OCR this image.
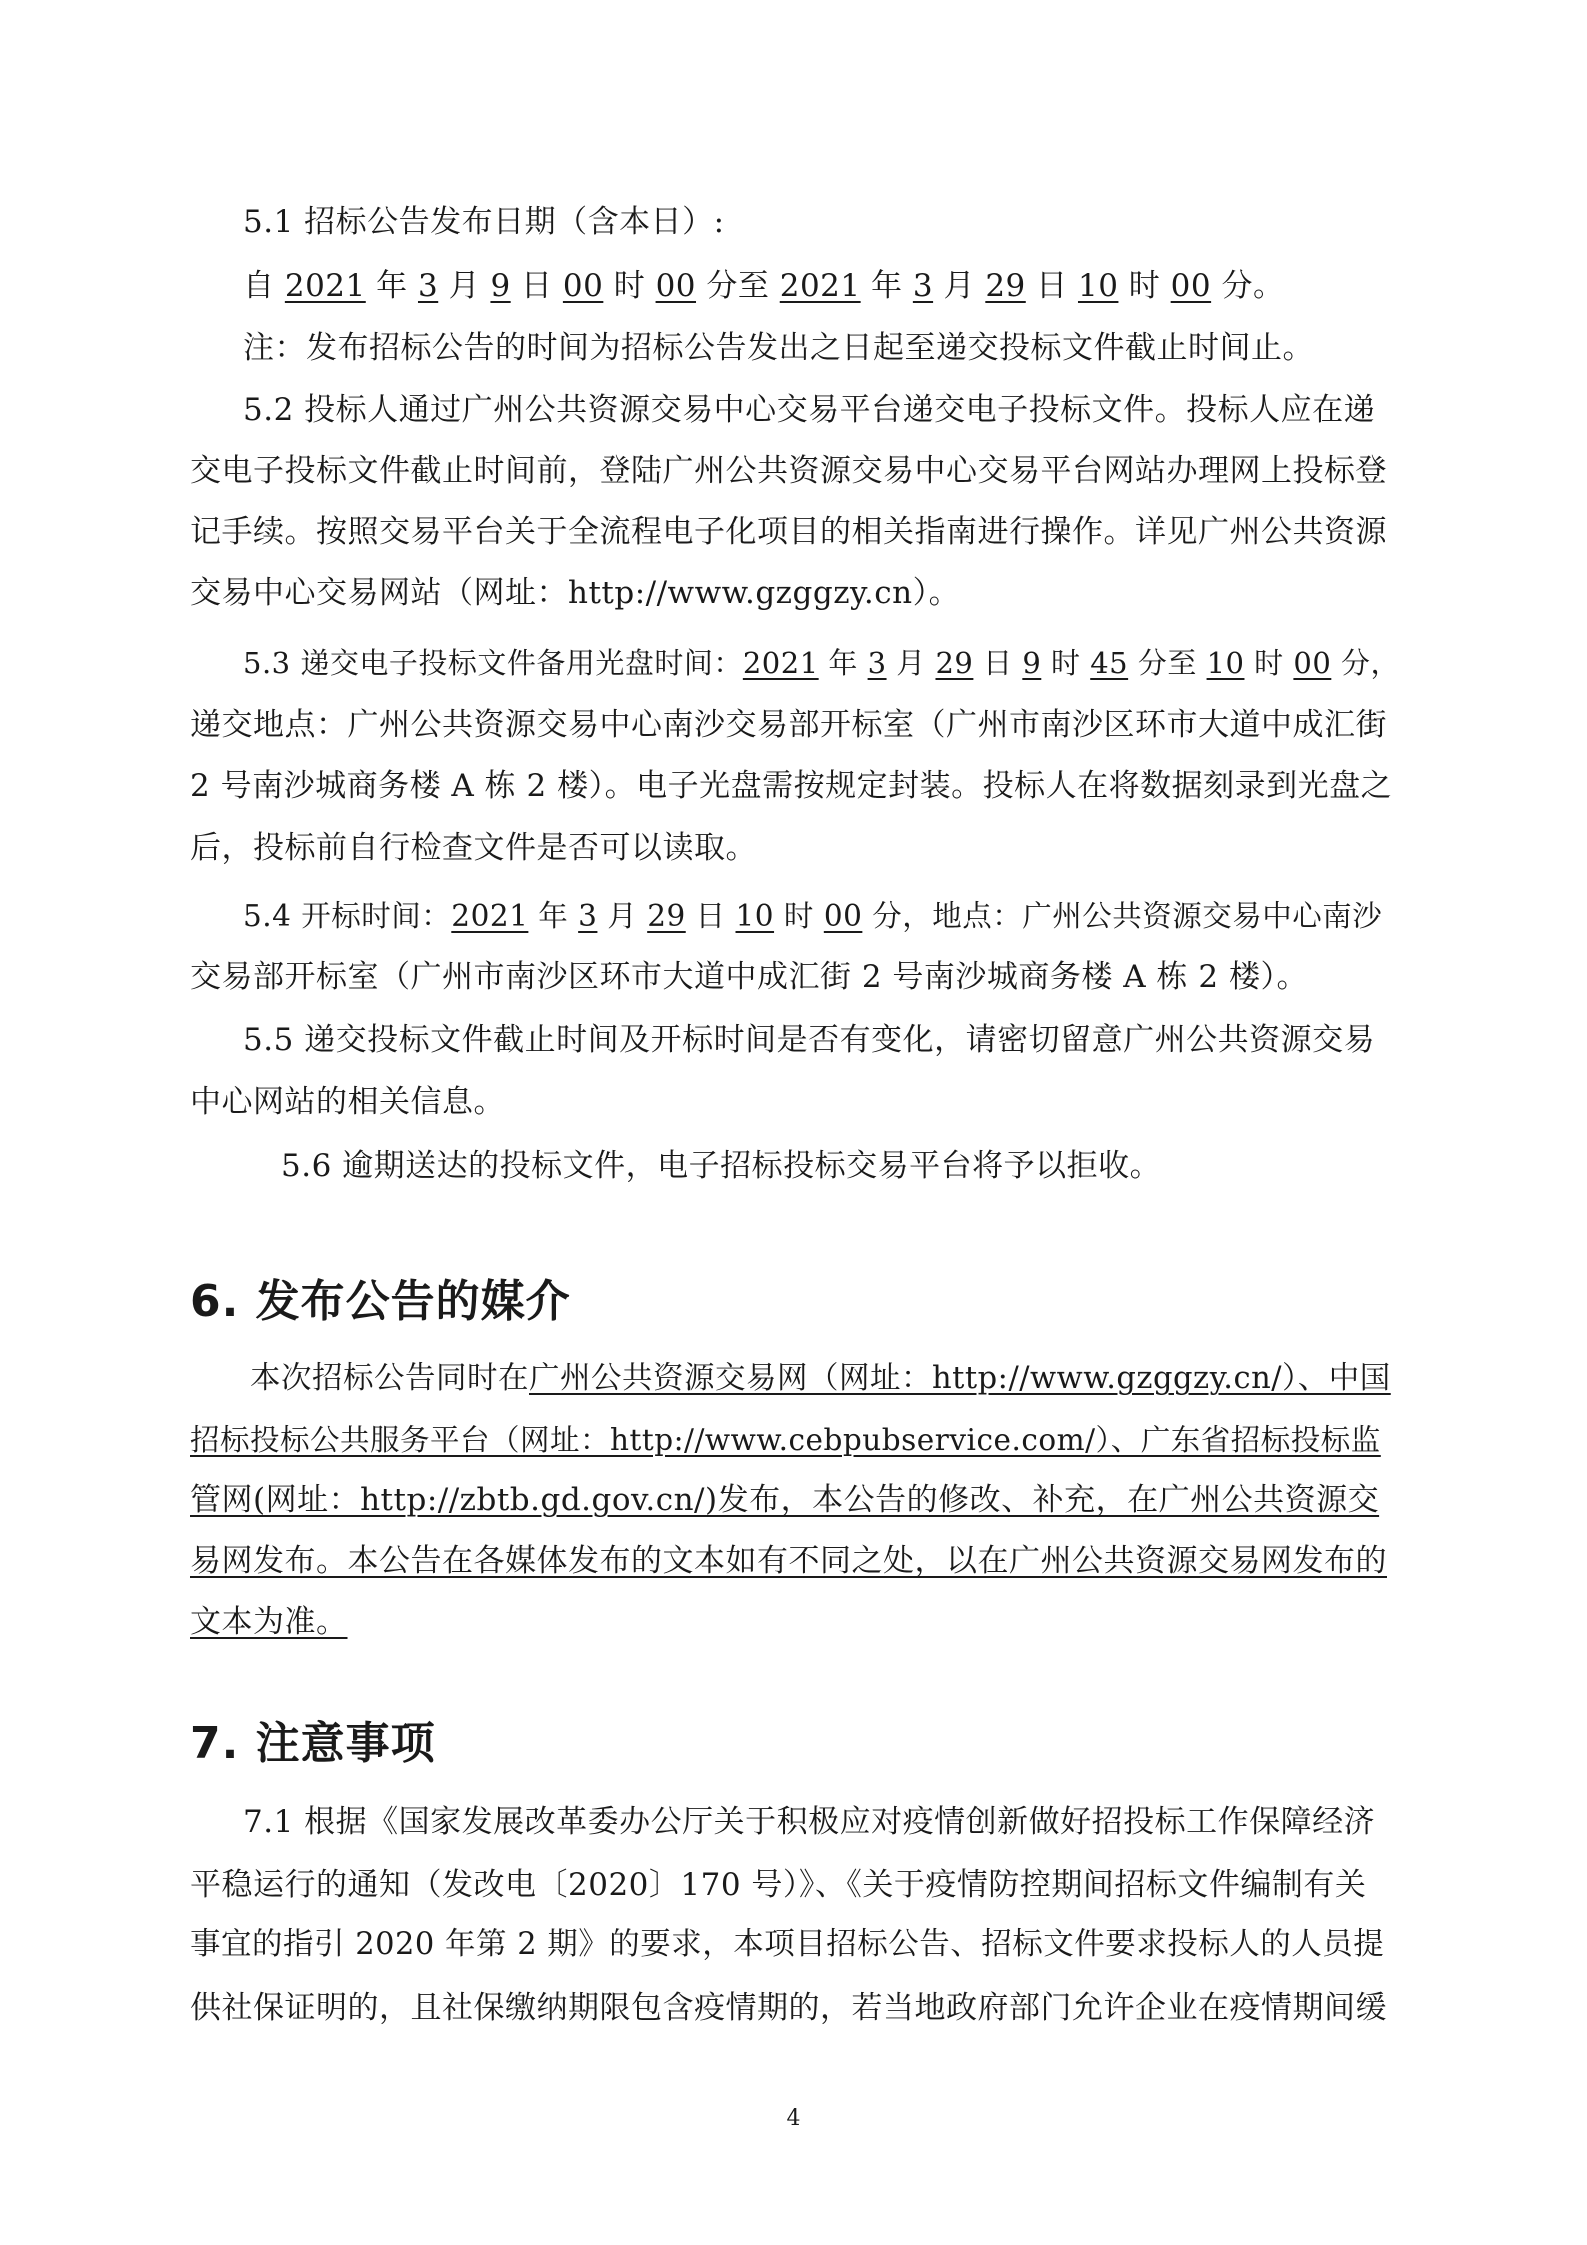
5.1 招标公告发布日期（含本日）:
自 2021 年 3 月 9 日 00 时 00 分至 2021 年 3 月 29 日 10 时 00 分。
注：发布招标公告的时间为招标公告发出之日起至递交投标文件截止时间止。
5.2 投标人通过广州公共资源交易中心交易平台递交电子投标文件。投标人应在递
交电子投标文件截止时间前，登陆广州公共资源交易中心交易平台网站办理网上投标登
记手续。按照交易平台关于全流程电子化项目的相关指南进行操作。详见广州公共资源
交易中心交易网站（网址：http://www.gzggzy.cn）。
5.3 递交电子投标文件备用光盘时间：2021 年 3 月 29 日 9 时 45 分至 10 时 00 分，
递交地点：广州公共资源交易中心南沙交易部开标室（广州市南沙区环市大道中成汇街
2 号南沙城商务楼 A 栋 2 楼）。电子光盘需按规定封装。投标人在将数据刻录到光盘之
后，投标前自行检查文件是否可以读取。
5.4 开标时间：2021 年 3 月 29 日 10 时 00 分，地点：广州公共资源交易中心南沙
交易部开标室（广州市南沙区环市大道中成汇街 2 号南沙城商务楼 A 栋 2 楼）。
5.5 递交投标文件截止时间及开标时间是否有变化，请密切留意广州公共资源交易
中心网站的相关信息。
5.6 逾期送达的投标文件，电子招标投标交易平台将予以拒收。
6. 发布公告的媒介
本次招标公告同时在广州公共资源交易网（网址：http://www.gzggzy.cn/）、中国
招标投标公共服务平台（网址：http://www.cebpubservice.com/）、广东省招标投标监
管网(网址：http://zbtb.gd.gov.cn/)发布，本公告的修改、补充，在广州公共资源交
易网发布。本公告在各媒体发布的文本如有不同之处，以在广州公共资源交易网发布的
文本为准。
7. 注意事项
7.1 根据《国家发展改革委办公厅关于积极应对疫情创新做好招投标工作保障经济
平稳运行的通知（发改电〔2020〕170 号）》、《关于疫情防控期间招标文件编制有关
事宜的指引 2020 年第 2 期》的要求，本项目招标公告、招标文件要求投标人的人员提
供社保证明的，且社保缴纳期限包含疫情期的，若当地政府部门允许企业在疫情期间缓
4
